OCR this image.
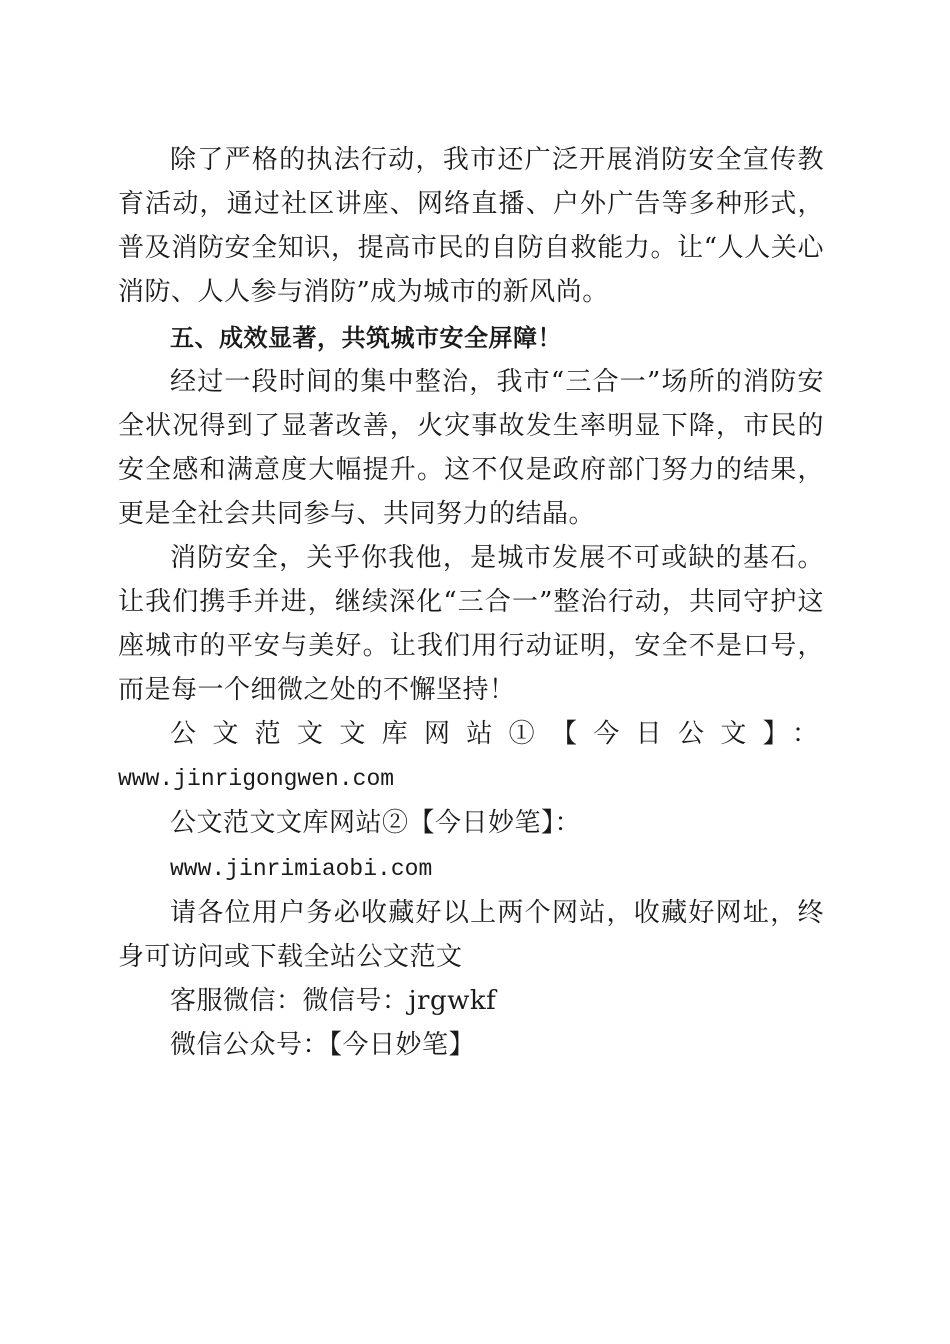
除了严格的执法行动，我市还广泛开展消防安全宣传教育活动，通过社区讲座、网络直播、户外广告等多种形式，普及消防安全知识，提高市民的自防自救能力。让“人人关心消防、人人参与消防”成为城市的新风尚。

五、成效显著，共筑城市安全屏障！

经过一段时间的集中整治，我市“三合一”场所的消防安全状况得到了显著改善，火灾事故发生率明显下降，市民的安全感和满意度大幅提升。这不仅是政府部门努力的结果，更是全社会共同参与、共同努力的结晶。

消防安全，关乎你我他，是城市发展不可或缺的基石。让我们携手并进，继续深化“三合一”整治行动，共同守护这座城市的平安与美好。让我们用行动证明，安全不是口号，而是每一个细微之处的不懈坚持！

公文范文文库网站①【今日公文】：

www.jinrigongwen.com

公文范文文库网站②【今日妙笔】：www.jinrimiaobi.com

请各位用户务必收藏好以上两个网站，收藏好网址，终身可访问或下载全站公文范文

客服微信：微信号：jrgwkf

微信公众号：【今日妙笔】
